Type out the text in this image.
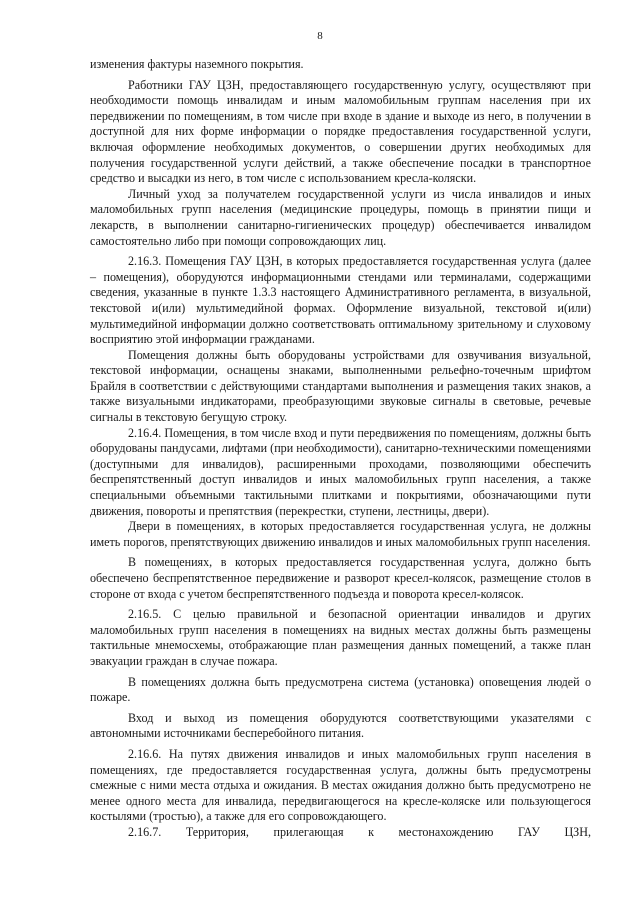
8

изменения фактуры наземного покрытия.

Работники ГАУ ЦЗН, предоставляющего государственную услугу, осуществляют при необходимости помощь инвалидам и иным маломобильным группам населения при их передвижении по помещениям, в том числе при входе в здание и выходе из него, в получении в доступной для них форме информации о порядке предоставления государственной услуги, включая оформление необходимых документов, о совершении других необходимых для получения государственной услуги действий, а также обеспечение посадки в транспортное средство и высадки из него, в том числе с использованием кресла-коляски.

Личный уход за получателем государственной услуги из числа инвалидов и иных маломобильных групп населения (медицинские процедуры, помощь в принятии пищи и лекарств, в выполнении санитарно-гигиенических процедур) обеспечивается инвалидом самостоятельно либо при помощи сопровождающих лиц.

2.16.3. Помещения ГАУ ЦЗН, в которых предоставляется государственная услуга (далее – помещения), оборудуются информационными стендами или терминалами, содержащими сведения, указанные в пункте 1.3.3 настоящего Административного регламента, в визуальной, текстовой и(или) мультимедийной формах. Оформление визуальной, текстовой и(или) мультимедийной информации должно соответствовать оптимальному зрительному и слуховому восприятию этой информации гражданами.

Помещения должны быть оборудованы устройствами для озвучивания визуальной, текстовой информации, оснащены знаками, выполненными рельефно-точечным шрифтом Брайля в соответствии с действующими стандартами выполнения и размещения таких знаков, а также визуальными индикаторами, преобразующими звуковые сигналы в световые, речевые сигналы в текстовую бегущую строку.

2.16.4. Помещения, в том числе вход и пути передвижения по помещениям, должны быть оборудованы пандусами, лифтами (при необходимости), санитарно-техническими помещениями (доступными для инвалидов), расширенными проходами, позволяющими обеспечить беспрепятственный доступ инвалидов и иных маломобильных групп населения, а также специальными объемными тактильными плитками и покрытиями, обозначающими пути движения, повороты и препятствия (перекрестки, ступени, лестницы, двери).

Двери в помещениях, в которых предоставляется государственная услуга, не должны иметь порогов, препятствующих движению инвалидов и иных маломобильных групп населения.

В помещениях, в которых предоставляется государственная услуга, должно быть обеспечено беспрепятственное передвижение и разворот кресел-колясок, размещение столов в стороне от входа с учетом беспрепятственного подъезда и поворота кресел-колясок.

2.16.5. С целью правильной и безопасной ориентации инвалидов и других маломобильных групп населения в помещениях на видных местах должны быть размещены тактильные мнемосхемы, отображающие план размещения данных помещений, а также план эвакуации граждан в случае пожара.

В помещениях должна быть предусмотрена система (установка) оповещения людей о пожаре.

Вход и выход из помещения оборудуются соответствующими указателями с автономными источниками бесперебойного питания.

2.16.6. На путях движения инвалидов и иных маломобильных групп населения в помещениях, где предоставляется государственная услуга, должны быть предусмотрены смежные с ними места отдыха и ожидания. В местах ожидания должно быть предусмотрено не менее одного места для инвалида, передвигающегося на кресле-коляске или пользующегося костылями (тростью), а также для его сопровождающего.

2.16.7. Территория, прилегающая к местонахождению ГАУ ЦЗН,
